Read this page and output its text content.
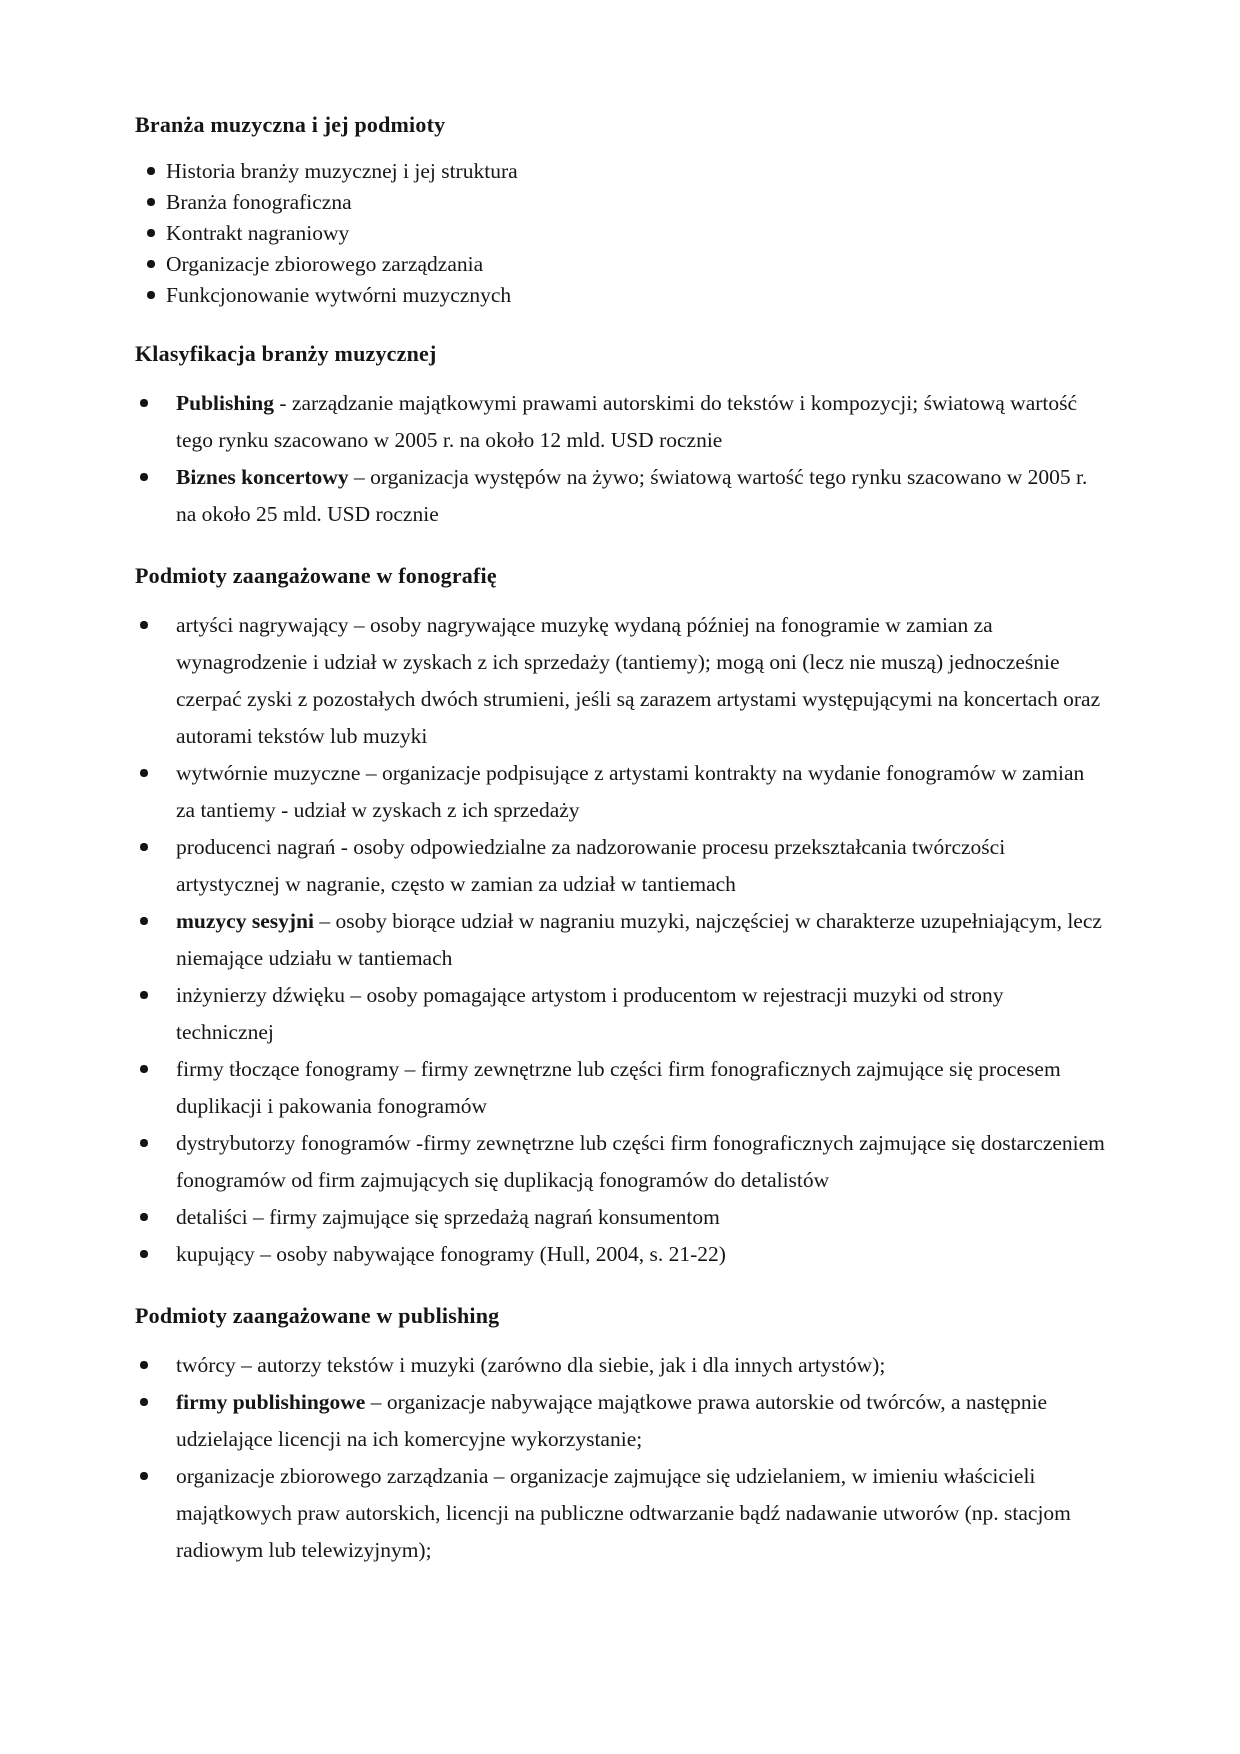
Branża muzyczna i jej podmioty
Historia branży muzycznej i jej struktura
Branża fonograficzna
Kontrakt nagraniowy
Organizacje zbiorowego zarządzania
Funkcjonowanie wytwórni muzycznych
Klasyfikacja branży muzycznej
Publishing - zarządzanie majątkowymi prawami autorskimi do tekstów i kompozycji; światową wartość tego rynku szacowano w 2005 r. na około 12 mld. USD rocznie
Biznes koncertowy – organizacja występów na żywo; światową wartość tego rynku szacowano w 2005 r. na około 25 mld. USD rocznie
Podmioty zaangażowane w fonografię
artyści nagrywający – osoby nagrywające muzykę wydaną później na fonogramie w zamian za wynagrodzenie i udział w zyskach z ich sprzedaży (tantiemy); mogą oni (lecz nie muszą) jednocześnie czerpać zyski z pozostałych dwóch strumieni, jeśli są zarazem artystami występującymi na koncertach oraz autorami tekstów lub muzyki
wytwórnie muzyczne – organizacje podpisujące z artystami kontrakty na wydanie fonogramów w zamian za tantiemy - udział w zyskach z ich sprzedaży
producenci nagrań - osoby odpowiedzialne za nadzorowanie procesu przekształcania twórczości artystycznej w nagranie, często w zamian za udział w tantiemach
muzycy sesyjni – osoby biorące udział w nagraniu muzyki, najczęściej w charakterze uzupełniającym, lecz niemające udziału w tantiemach
inżynierzy dźwięku – osoby pomagające artystom i producentom w rejestracji muzyki od strony technicznej
firmy tłoczące fonogramy – firmy zewnętrzne lub części firm fonograficznych zajmujące się procesem duplikacji i pakowania fonogramów
dystrybutorzy fonogramów -firmy zewnętrzne lub części firm fonograficznych zajmujące się dostarczeniem fonogramów od firm zajmujących się duplikacją fonogramów do detalistów
detaliści – firmy zajmujące się sprzedażą nagrań konsumentom
kupujący – osoby nabywające fonogramy (Hull, 2004, s. 21-22)
Podmioty zaangażowane w publishing
twórcy – autorzy tekstów i muzyki (zarówno dla siebie, jak i dla innych artystów);
firmy publishingowe – organizacje nabywające majątkowe prawa autorskie od twórców, a następnie udzielające licencji na ich komercyjne wykorzystanie;
organizacje zbiorowego zarządzania – organizacje zajmujące się udzielaniem, w imieniu właścicieli majątkowych praw autorskich, licencji na publiczne odtwarzanie bądź nadawanie utworów (np. stacjom radiowym lub telewizyjnym);
